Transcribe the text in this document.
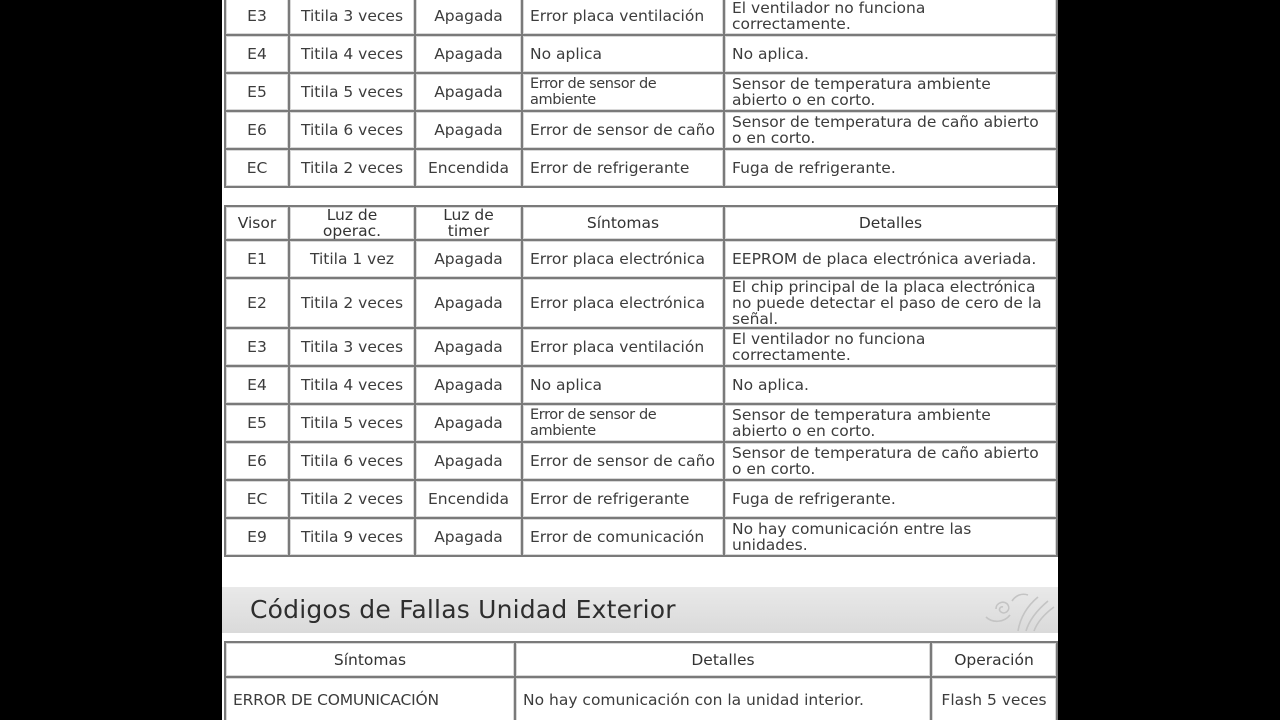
E3	Titila 3 veces	Apagada	Error placa ventilación	El ventilador no funciona correctamente.
E4	Titila 4 veces	Apagada	No aplica	No aplica.
E5	Titila 5 veces	Apagada	Error de sensor de ambiente	Sensor de temperatura ambiente abierto o en corto.
E6	Titila 6 veces	Apagada	Error de sensor de caño	Sensor de temperatura de caño abierto o en corto.
EC	Titila 2 veces	Encendida	Error de refrigerante	Fuga de refrigerante.
Visor	Luz de operac.	Luz de timer	Síntomas	Detalles
E1	Titila 1 vez	Apagada	Error placa electrónica	EEPROM de placa electrónica averiada.
E2	Titila 2 veces	Apagada	Error placa electrónica	El chip principal de la placa electrónica no puede detectar el paso de cero de la señal.
E3	Titila 3 veces	Apagada	Error placa ventilación	El ventilador no funciona correctamente.
E4	Titila 4 veces	Apagada	No aplica	No aplica.
E5	Titila 5 veces	Apagada	Error de sensor de ambiente	Sensor de temperatura ambiente abierto o en corto.
E6	Titila 6 veces	Apagada	Error de sensor de caño	Sensor de temperatura de caño abierto o en corto.
EC	Titila 2 veces	Encendida	Error de refrigerante	Fuga de refrigerante.
E9	Titila 9 veces	Apagada	Error de comunicación	No hay comunicación entre las unidades.
Códigos de Fallas Unidad Exterior
Síntomas	Detalles	Operación
ERROR DE COMUNICACIÓN	No hay comunicación con la unidad interior.	Flash 5 veces
